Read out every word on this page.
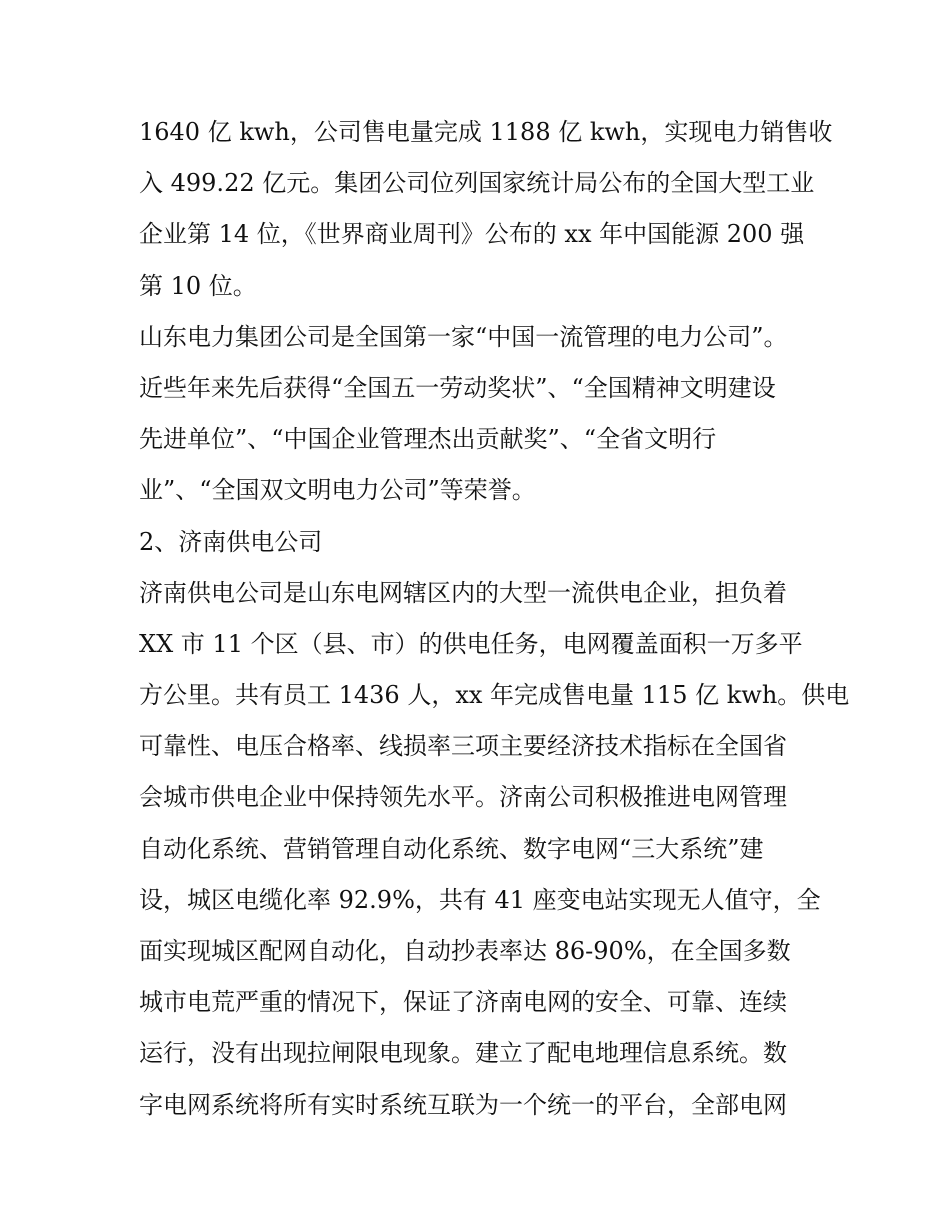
1640 亿 kwh，公司售电量完成 1188 亿 kwh，实现电力销售收
入 499.22 亿元。集团公司位列国家统计局公布的全国大型工业
企业第 14 位，《世界商业周刊》公布的 xx 年中国能源 200 强
第 10 位。
山东电力集团公司是全国第一家“中国一流管理的电力公司”。
近些年来先后获得“全国五一劳动奖状”、“全国精神文明建设
先进单位”、“中国企业管理杰出贡献奖”、“全省文明行
业”、“全国双文明电力公司”等荣誉。
2、济南供电公司
济南供电公司是山东电网辖区内的大型一流供电企业，担负着
XX 市 11 个区（县、市）的供电任务，电网覆盖面积一万多平
方公里。共有员工 1436 人，xx 年完成售电量 115 亿 kwh。供电
可靠性、电压合格率、线损率三项主要经济技术指标在全国省
会城市供电企业中保持领先水平。济南公司积极推进电网管理
自动化系统、营销管理自动化系统、数字电网“三大系统”建
设，城区电缆化率 92.9%，共有 41 座变电站实现无人值守，全
面实现城区配网自动化，自动抄表率达 86-90%，在全国多数
城市电荒严重的情况下，保证了济南电网的安全、可靠、连续
运行，没有出现拉闸限电现象。建立了配电地理信息系统。数
字电网系统将所有实时系统互联为一个统一的平台，全部电网
